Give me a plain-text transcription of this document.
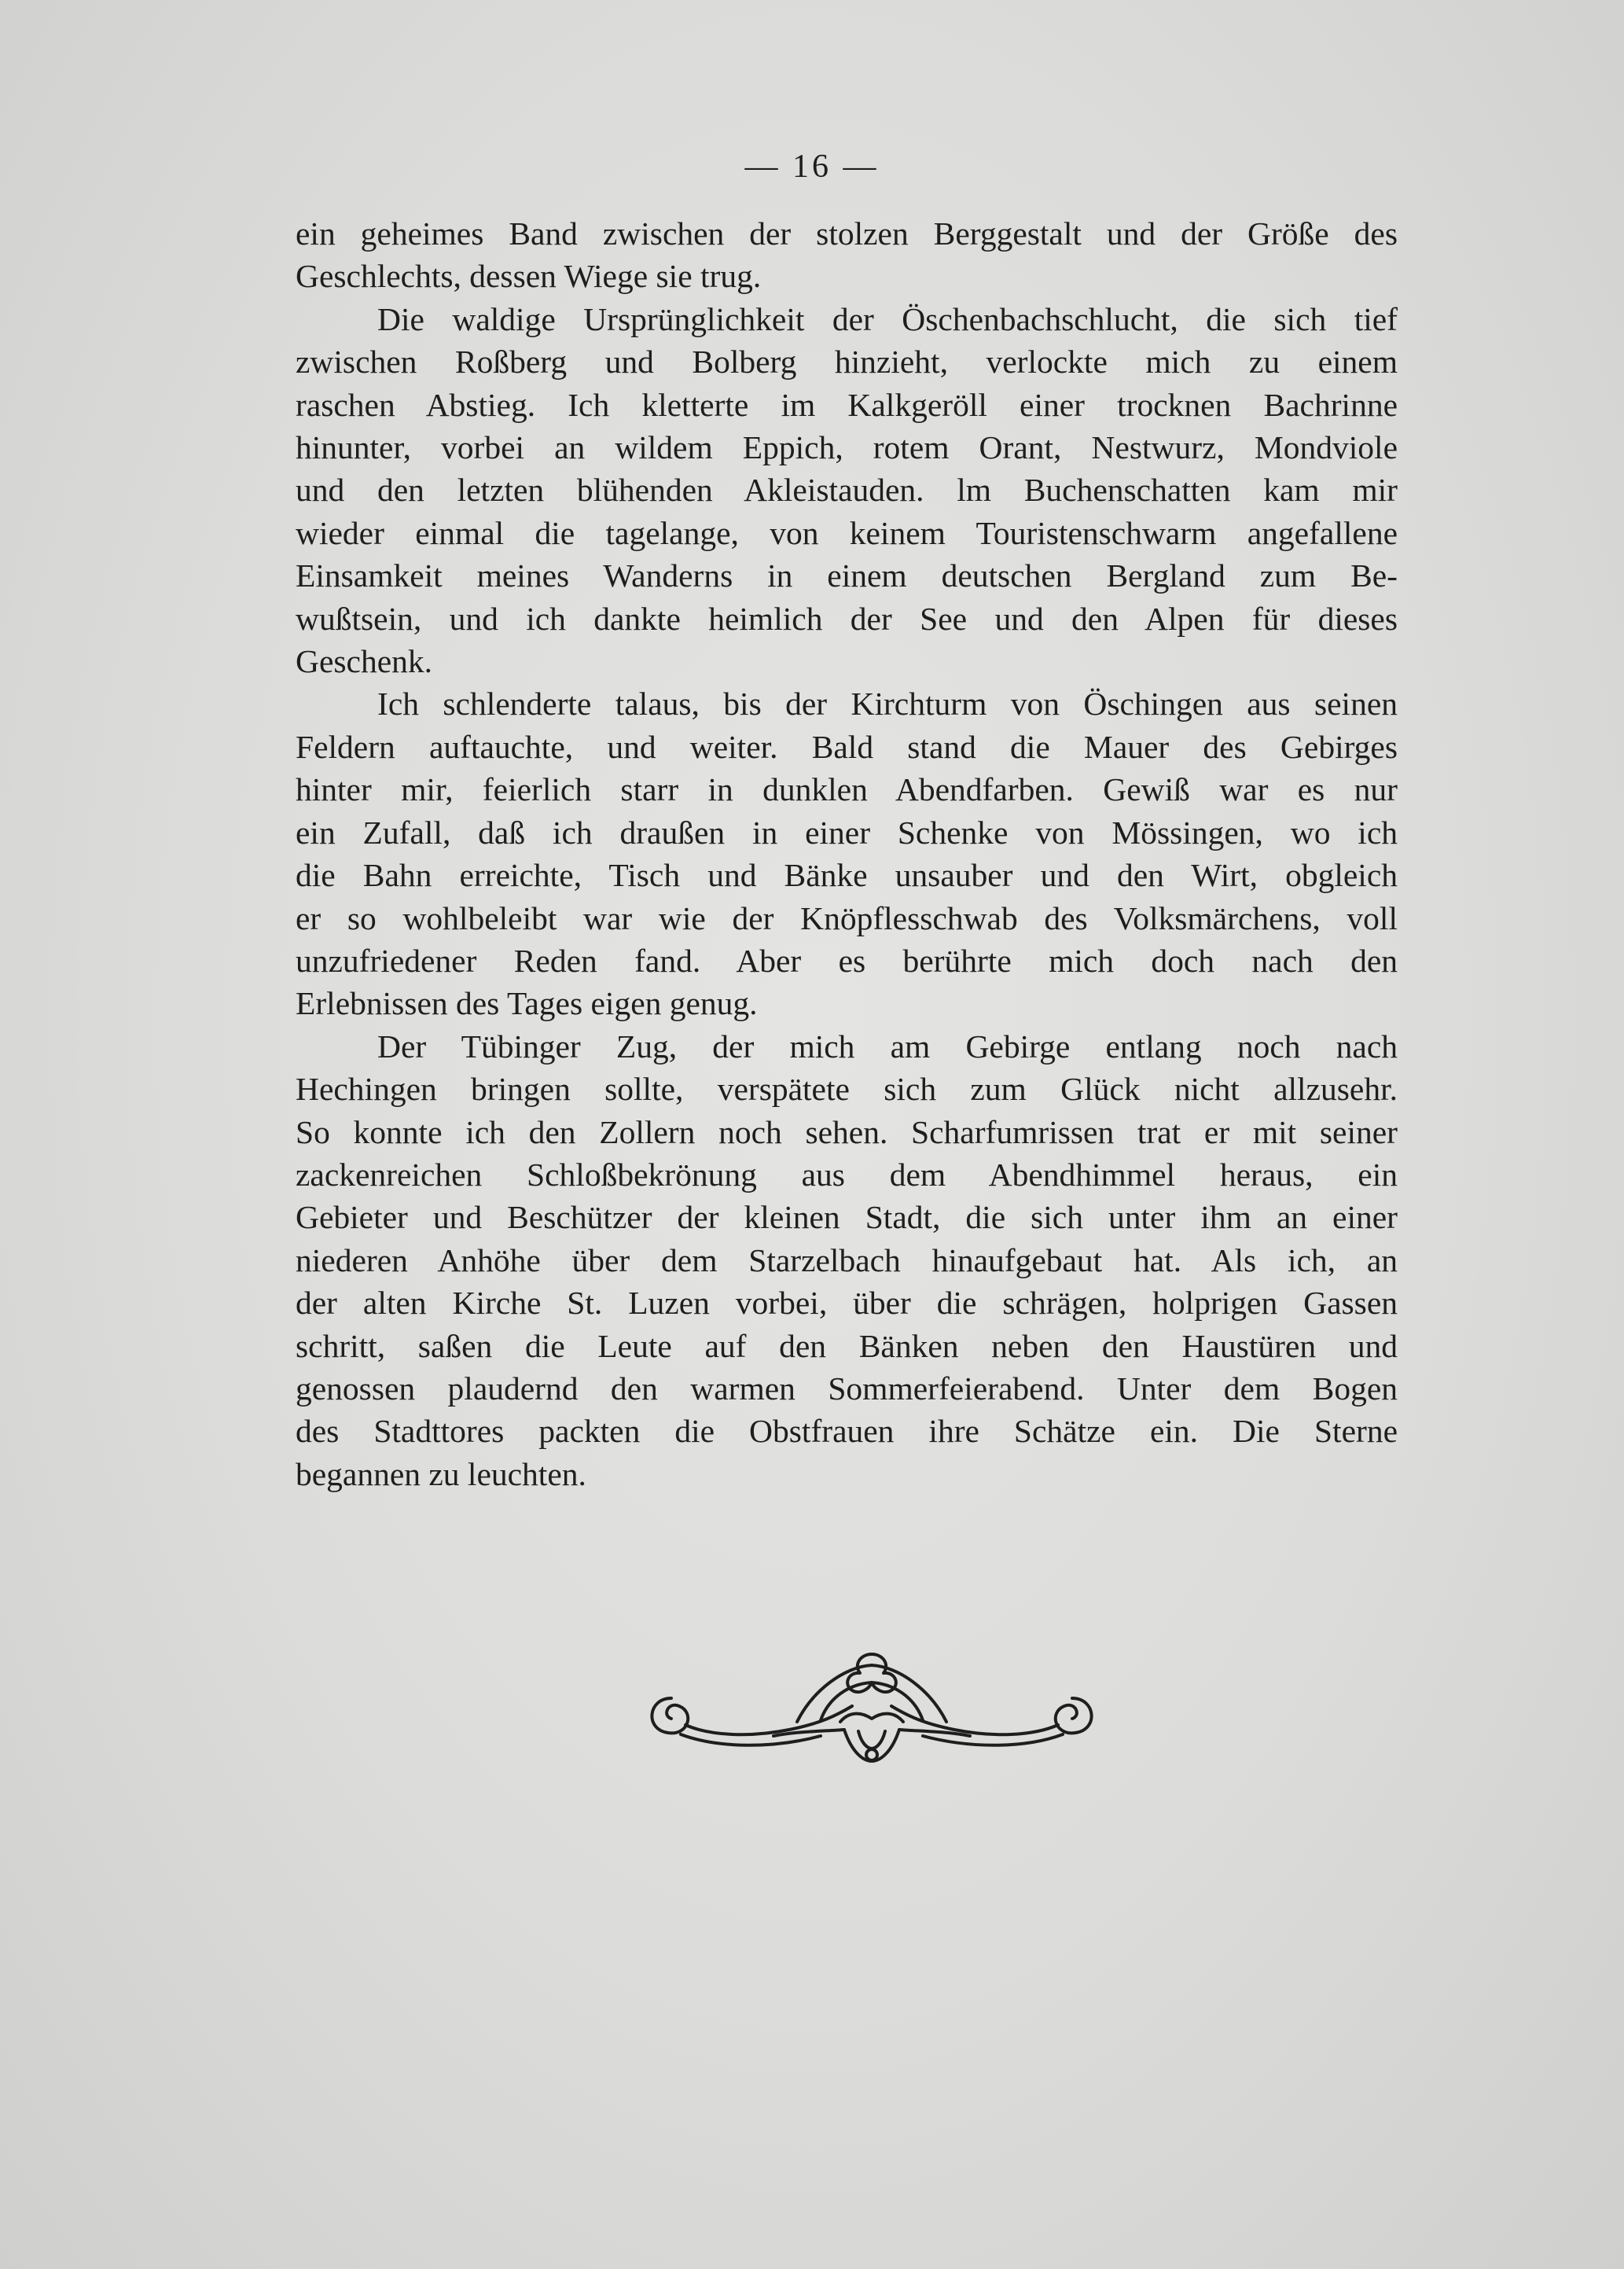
— 16 —

ein geheimes Band zwischen der stolzen Berggestalt und der Größe des
Geschlechts, dessen Wiege sie trug.

Die waldige Ursprünglichkeit der Öschenbachschlucht, die sich tief
zwischen Roßberg und Bolberg hinzieht, verlockte mich zu einem
raschen Abstieg. Ich kletterte im Kalkgeröll einer trocknen Bachrinne
hinunter, vorbei an wildem Eppich, rotem Orant, Nestwurz, Mondviole
und den letzten blühenden Akleistauden. lm Buchenschatten kam mir
wieder einmal die tagelange, von keinem Touristenschwarm angefallene
Einsamkeit meines Wanderns in einem deutschen Bergland zum Be-
wußtsein, und ich dankte heimlich der See und den Alpen für dieses
Geschenk.

Ich schlenderte talaus, bis der Kirchturm von Öschingen aus seinen
Feldern auftauchte, und weiter. Bald stand die Mauer des Gebirges
hinter mir, feierlich starr in dunklen Abendfarben. Gewiß war es nur
ein Zufall, daß ich draußen in einer Schenke von Mössingen, wo ich
die Bahn erreichte, Tisch und Bänke unsauber und den Wirt, obgleich
er so wohlbeleibt war wie der Knöpflesschwab des Volksmärchens, voll
unzufriedener Reden fand. Aber es berührte mich doch nach den
Erlebnissen des Tages eigen genug.

Der Tübinger Zug, der mich am Gebirge entlang noch nach
Hechingen bringen sollte, verspätete sich zum Glück nicht allzusehr.
So konnte ich den Zollern noch sehen. Scharfumrissen trat er mit seiner
zackenreichen Schloßbekrönung aus dem Abendhimmel heraus, ein
Gebieter und Beschützer der kleinen Stadt, die sich unter ihm an einer
niederen Anhöhe über dem Starzelbach hinaufgebaut hat. Als ich, an
der alten Kirche St. Luzen vorbei, über die schrägen, holprigen Gassen
schritt, saßen die Leute auf den Bänken neben den Haustüren und
genossen plaudernd den warmen Sommerfeierabend. Unter dem Bogen
des Stadttores packten die Obstfrauen ihre Schätze ein. Die Sterne
begannen zu leuchten.
